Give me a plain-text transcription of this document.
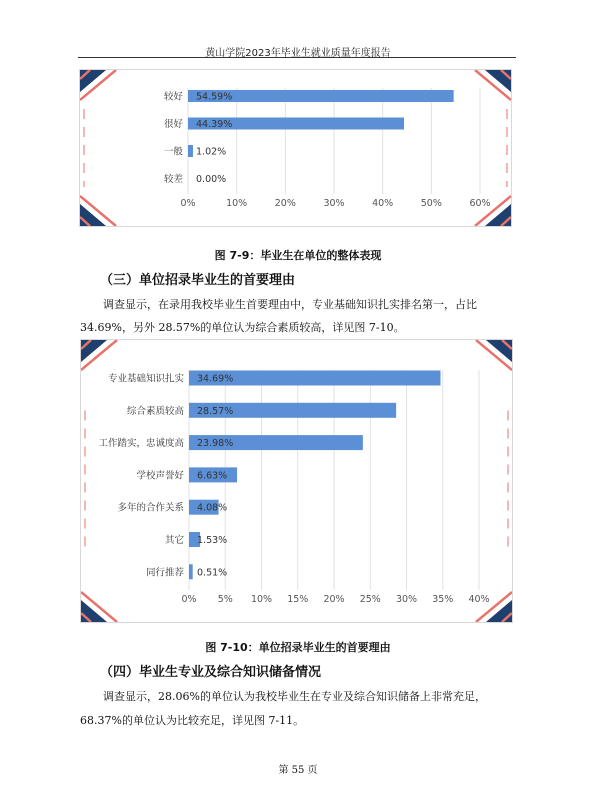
黄山学院2023年毕业生就业质量年度报告
0%	10%	20%	30%	40%	50%	60%
较好 54.59%
很好 44.39%
一般 1.02%
较差 0.00%
图 7-9：毕业生在单位的整体表现
（三）单位招录毕业生的首要理由
调查显示，在录用我校毕业生首要理由中，专业基础知识扎实排名第一，占比
34.69%，另外 28.57%的单位认为综合素质较高，详见图 7-10。
0% 5% 10% 15% 20% 25% 30% 35% 40%
专业基础知识扎实 34.69%
综合素质较高 28.57%
工作踏实，忠诚度高 23.98%
学校声誉好 6.63%
多年的合作关系 4.08%
其它 1.53%
同行推荐 0.51%
图 7-10：单位招录毕业生的首要理由
（四）毕业生专业及综合知识储备情况
调查显示，28.06%的单位认为我校毕业生在专业及综合知识储备上非常充足，
68.37%的单位认为比较充足，详见图 7-11。
第 55 页
